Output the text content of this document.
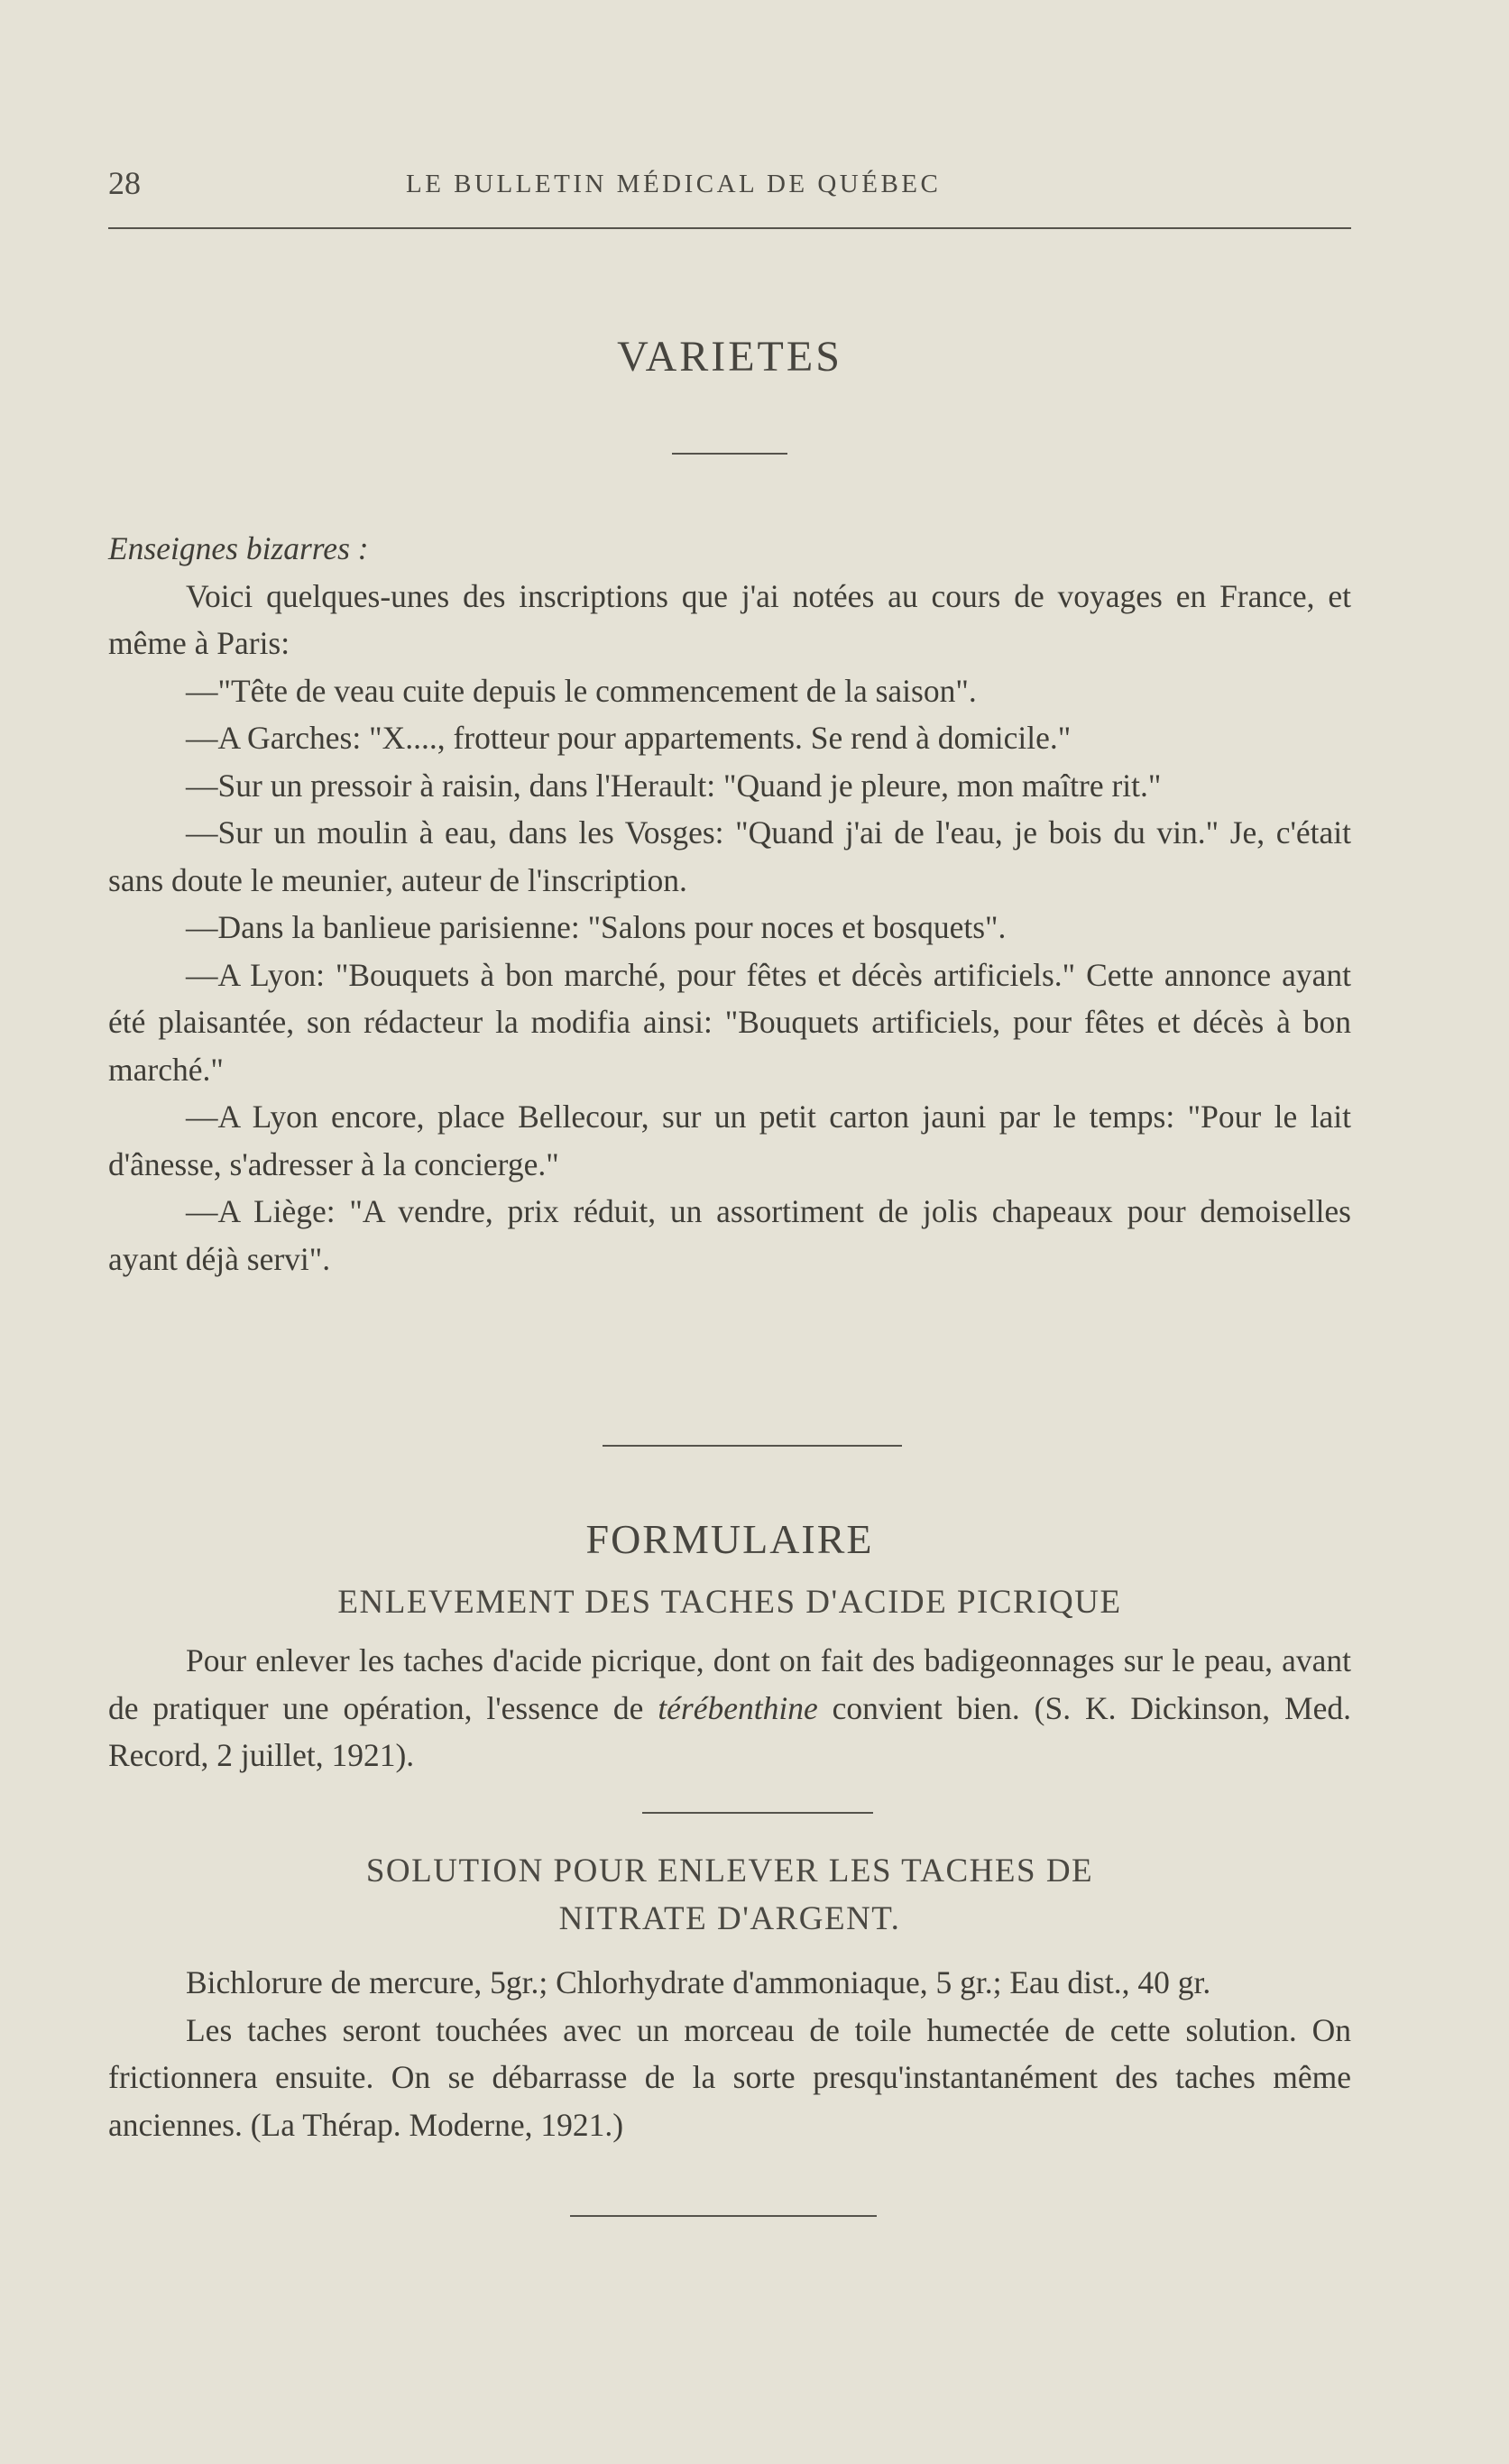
28	LE BULLETIN MÉDICAL DE QUÉBEC
VARIETES

Enseignes bizarres :

Voici quelques-unes des inscriptions que j'ai notées au cours de voyages en France, et même à Paris:

—"Tête de veau cuite depuis le commencement de la saison".

—A Garches: "X...., frotteur pour appartements. Se rend à domicile."

—Sur un pressoir à raisin, dans l'Herault: "Quand je pleure, mon maître rit."

—Sur un moulin à eau, dans les Vosges: "Quand j'ai de l'eau, je bois du vin." Je, c'était sans doute le meunier, auteur de l'inscription.

—Dans la banlieue parisienne: "Salons pour noces et bosquets".

—A Lyon: "Bouquets à bon marché, pour fêtes et décès artificiels." Cette annonce ayant été plaisantée, son rédacteur la modifia ainsi: "Bouquets artificiels, pour fêtes et décès à bon marché."

—A Lyon encore, place Bellecour, sur un petit carton jauni par le temps: "Pour le lait d'ânesse, s'adresser à la concierge."

—A Liège: "A vendre, prix réduit, un assortiment de jolis chapeaux pour demoiselles ayant déjà servi".

FORMULAIRE
ENLEVEMENT DES TACHES D'ACIDE PICRIQUE

Pour enlever les taches d'acide picrique, dont on fait des badigeonnages sur le peau, avant de pratiquer une opération, l'essence de térébenthine convient bien. (S. K. Dickinson, Med. Record, 2 juillet, 1921).

SOLUTION POUR ENLEVER LES TACHES DE
NITRATE D'ARGENT.

Bichlorure de mercure, 5gr.; Chlorhydrate d'ammoniaque, 5 gr.; Eau dist., 40 gr.

Les taches seront touchées avec un morceau de toile humectée de cette solution. On frictionnera ensuite. On se débarrasse de la sorte presqu'instantanément des taches même anciennes. (La Thérap. Moderne, 1921.)
